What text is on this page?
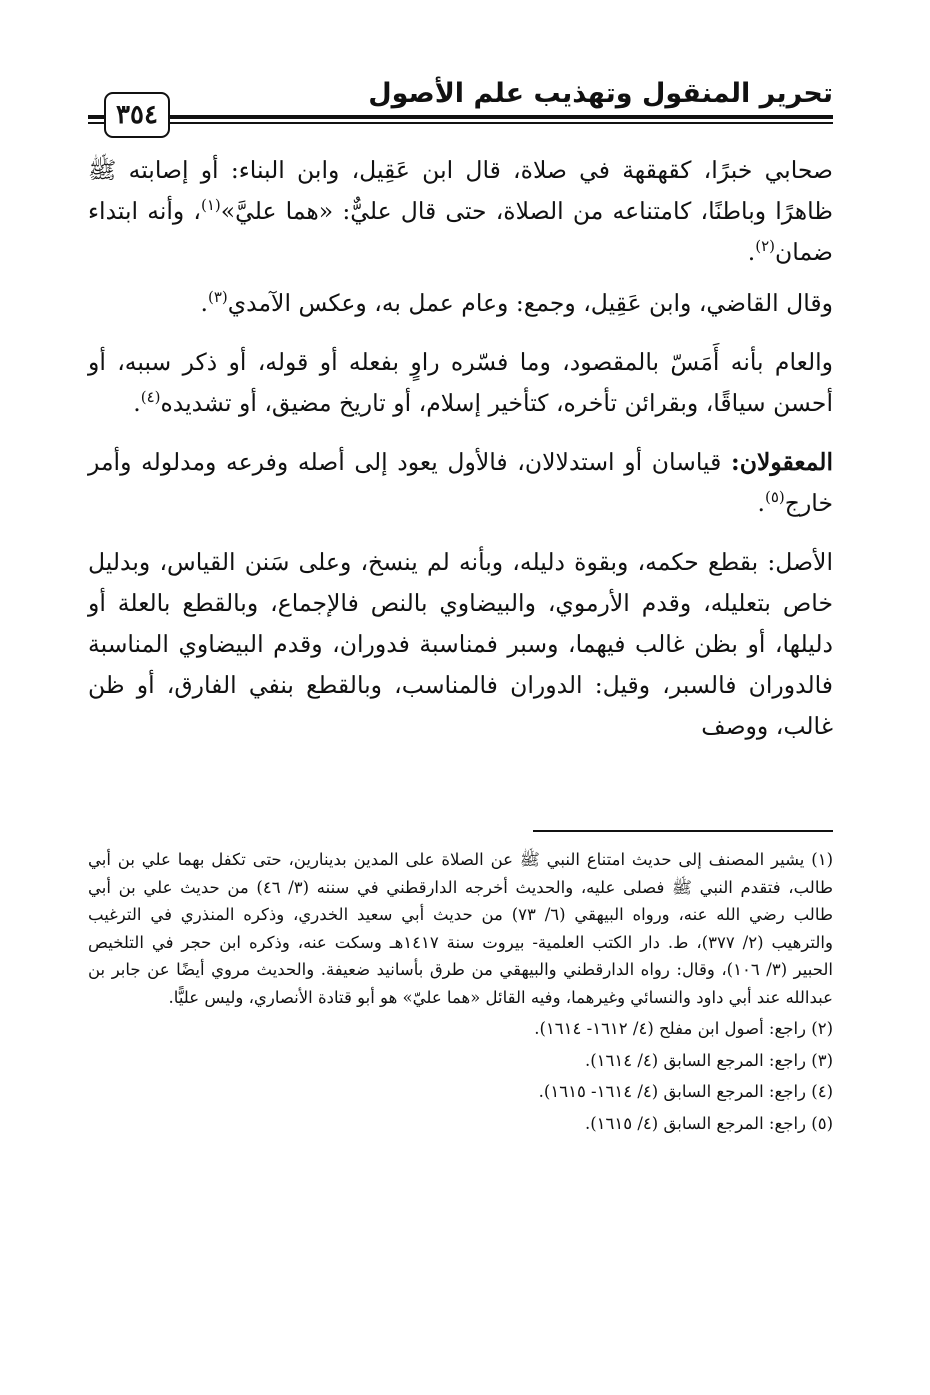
تحرير المنقول وتهذيب علم الأصول
٣٥٤

صحابي خبرًا، كقهقهة في صلاة، قال ابن عَقِيل، وابن البناء: أو إصابته ﷺ ظاهرًا وباطنًا، كامتناعه من الصلاة، حتى قال عليٌّ: «هما عليَّ»$^{(١)}$، وأنه ابتداء ضمان$^{(٢)}$.

وقال القاضي، وابن عَقِيل، وجمع: وعام عمل به، وعكس الآمدي$^{(٣)}$.

والعام بأنه أَمَسّ بالمقصود، وما فسّره راوٍ بفعله أو قوله، أو ذكر سببه، أو أحسن سياقًا، وبقرائن تأخره، كتأخير إسلام، أو تاريخ مضيق، أو تشديده$^{(٤)}$.

المعقولان: قياسان أو استدلالان، فالأول يعود إلى أصله وفرعه ومدلوله وأمر خارج$^{(٥)}$.

الأصل: بقطع حكمه، وبقوة دليله، وبأنه لم ينسخ، وعلى سَنن القياس، وبدليل خاص بتعليله، وقدم الأرموي، والبيضاوي بالنص فالإجماع، وبالقطع بالعلة أو دليلها، أو بظن غالب فيهما، وسبر فمناسبة فدوران، وقدم البيضاوي المناسبة فالدوران فالسبر، وقيل: الدوران فالمناسب، وبالقطع بنفي الفارق، أو ظن غالب، ووصف

(١) يشير المصنف إلى حديث امتناع النبي ﷺ عن الصلاة على المدين بدينارين، حتى تكفل بهما علي بن أبي طالب، فتقدم النبي ﷺ فصلى عليه، والحديث أخرجه الدارقطني في سننه (٣/ ٤٦) من حديث علي بن أبي طالب رضي الله عنه، ورواه البيهقي (٦/ ٧٣) من حديث أبي سعيد الخدري، وذكره المنذري في الترغيب والترهيب (٢/ ٣٧٧)، ط. دار الكتب العلمية- بيروت سنة ١٤١٧هـ وسكت عنه، وذكره ابن حجر في التلخيص الحبير (٣/ ١٠٦)، وقال: رواه الدارقطني والبيهقي من طرق بأسانيد ضعيفة. والحديث مروي أيضًا عن جابر بن عبدالله عند أبي داود والنسائي وغيرهما، وفيه القائل «هما عليّ» هو أبو قتادة الأنصاري، وليس عليًّا.

(٢) راجع: أصول ابن مفلح (٤/ ١٦١٢- ١٦١٤).

(٣) راجع: المرجع السابق (٤/ ١٦١٤).

(٤) راجع: المرجع السابق (٤/ ١٦١٤- ١٦١٥).

(٥) راجع: المرجع السابق (٤/ ١٦١٥).
